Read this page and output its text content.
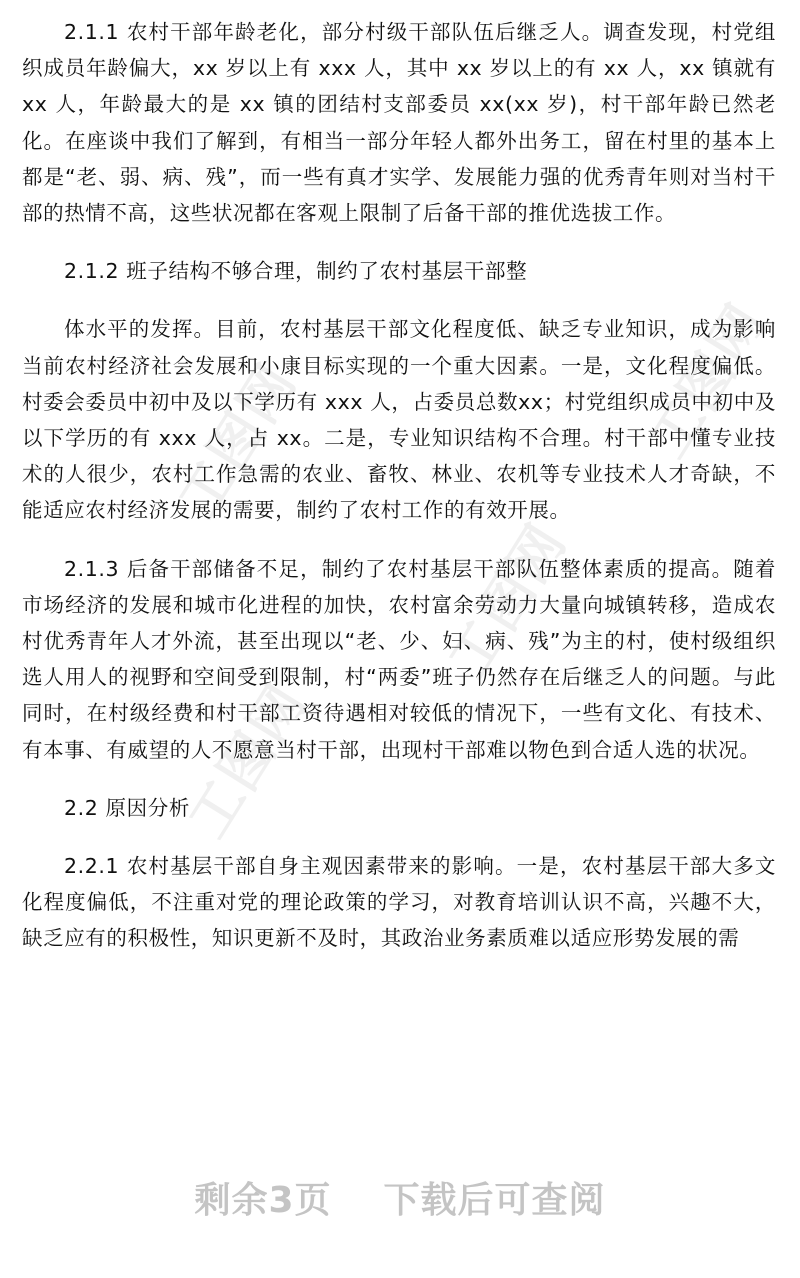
工图网
工图网
工图网
工图网

2.1.1 农村干部年龄老化，部分村级干部队伍后继乏人。调查发现，村党组织成员年龄偏大，xx 岁以上有 xxx 人，其中 xx 岁以上的有 xx 人，xx 镇就有 xx 人，年龄最大的是 xx 镇的团结村支部委员 xx(xx 岁)，村干部年龄已然老化。在座谈中我们了解到，有相当一部分年轻人都外出务工，留在村里的基本上都是“老、弱、病、残”，而一些有真才实学、发展能力强的优秀青年则对当村干部的热情不高，这些状况都在客观上限制了后备干部的推优选拔工作。

2.1.2 班子结构不够合理，制约了农村基层干部整

体水平的发挥。目前，农村基层干部文化程度低、缺乏专业知识，成为影响当前农村经济社会发展和小康目标实现的一个重大因素。一是，文化程度偏低。村委会委员中初中及以下学历有 xxx 人，占委员总数xx；村党组织成员中初中及以下学历的有 xxx 人，占 xx。二是，专业知识结构不合理。村干部中懂专业技术的人很少，农村工作急需的农业、畜牧、林业、农机等专业技术人才奇缺，不能适应农村经济发展的需要，制约了农村工作的有效开展。

2.1.3 后备干部储备不足，制约了农村基层干部队伍整体素质的提高。随着市场经济的发展和城市化进程的加快，农村富余劳动力大量向城镇转移，造成农村优秀青年人才外流，甚至出现以“老、少、妇、病、残”为主的村，使村级组织选人用人的视野和空间受到限制，村“两委”班子仍然存在后继乏人的问题。与此同时，在村级经费和村干部工资待遇相对较低的情况下，一些有文化、有技术、有本事、有威望的人不愿意当村干部，出现村干部难以物色到合适人选的状况。

2.2 原因分析

2.2.1 农村基层干部自身主观因素带来的影响。一是，农村基层干部大多文化程度偏低，不注重对党的理论政策的学习，对教育培训认识不高，兴趣不大，缺乏应有的积极性，知识更新不及时，其政治业务素质难以适应形势发展的需

剩余3页 下载后可查阅
